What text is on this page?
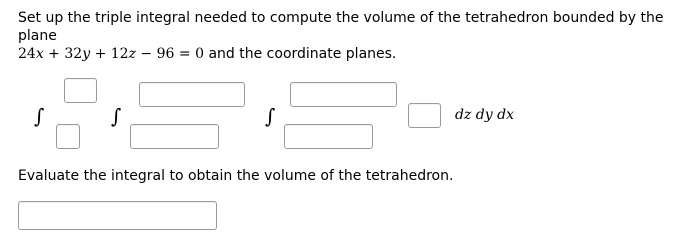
Set up the triple integral needed to compute the volume of the tetrahedron bounded by the plane
24x + 32y + 12z − 96 = 0 and the coordinate planes.
∫	∫	∫	dz dy dx
Evaluate the integral to obtain the volume of the tetrahedron.
